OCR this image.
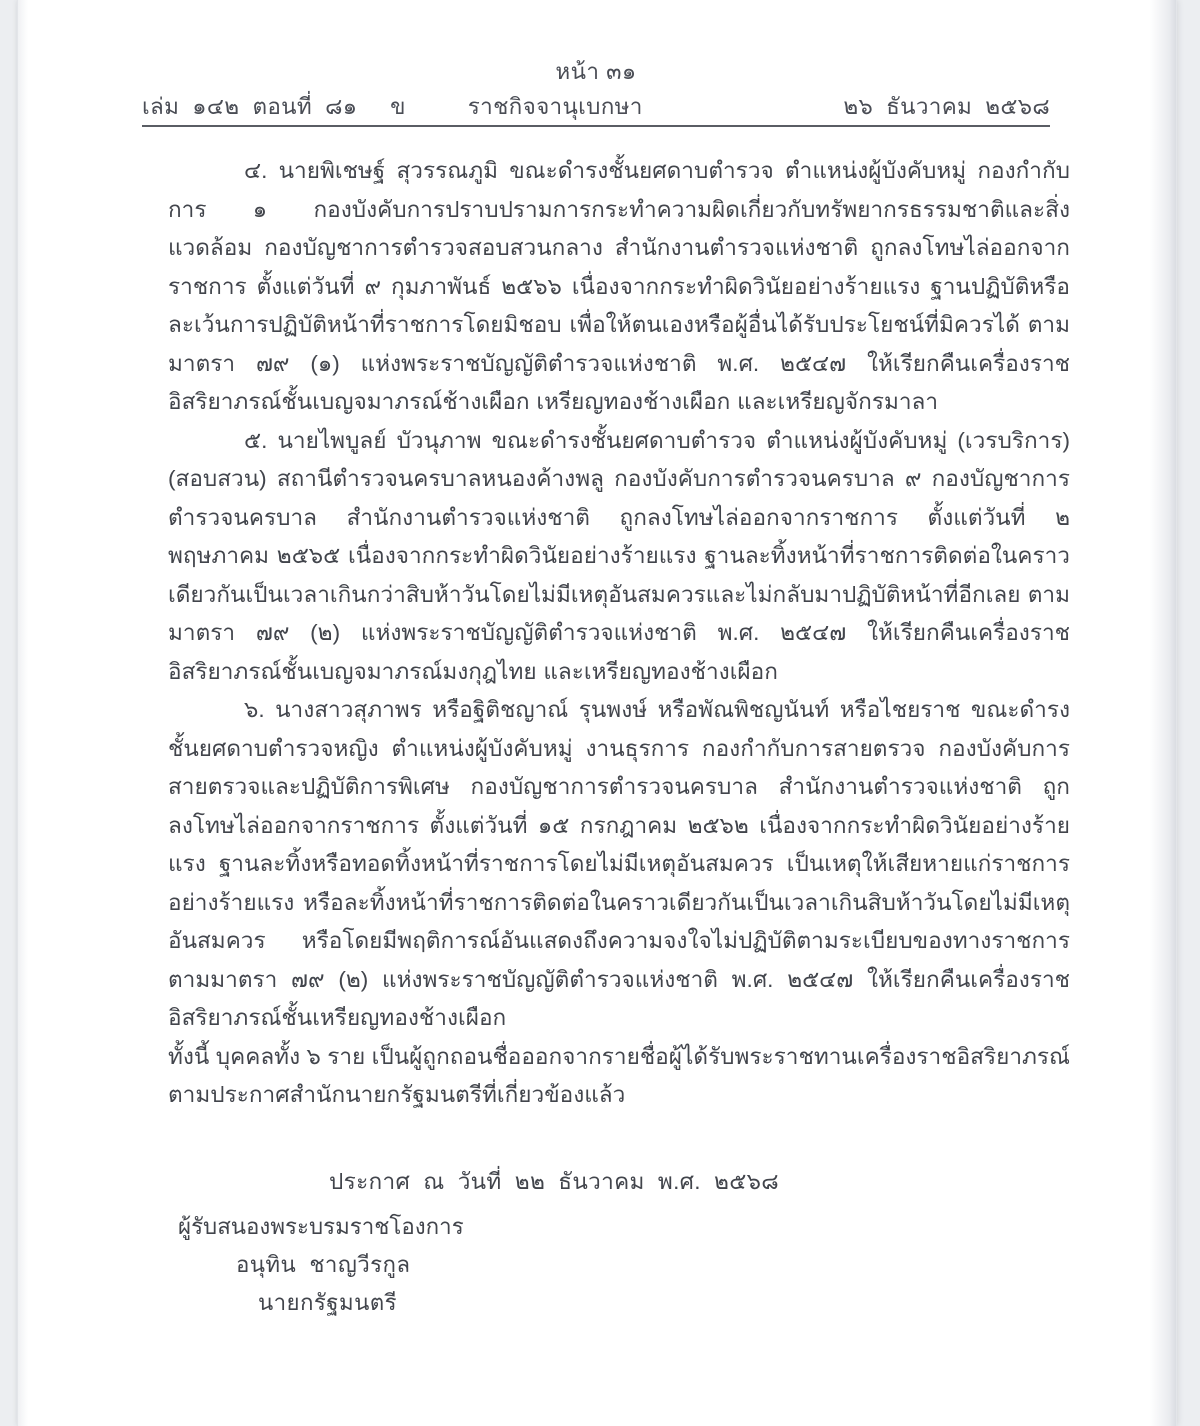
หน้า ๓๑
เล่ม  ๑๔๒  ตอนที่  ๘๑     ข	ราชกิจจานุเบกษา	๒๖  ธันวาคม  ๒๕๖๘

๔. นายพิเชษฐ์ สุวรรณภูมิ ขณะดำรงชั้นยศดาบตำรวจ ตำแหน่งผู้บังคับหมู่ กองกำกับการ ๑ กองบังคับการปราบปรามการกระทำความผิดเกี่ยวกับทรัพยากรธรรมชาติและสิ่งแวดล้อม กองบัญชาการตำรวจสอบสวนกลาง สำนักงานตำรวจแห่งชาติ ถูกลงโทษไล่ออกจากราชการ ตั้งแต่วันที่ ๙ กุมภาพันธ์ ๒๕๖๖ เนื่องจากกระทำผิดวินัยอย่างร้ายแรง ฐานปฏิบัติหรือละเว้นการปฏิบัติหน้าที่ราชการโดยมิชอบ เพื่อให้ตนเองหรือผู้อื่นได้รับประโยชน์ที่มิควรได้ ตามมาตรา ๗๙ (๑) แห่งพระราชบัญญัติตำรวจแห่งชาติ พ.ศ. ๒๕๔๗ ให้เรียกคืนเครื่องราชอิสริยาภรณ์ชั้นเบญจมาภรณ์ช้างเผือก เหรียญทองช้างเผือก และเหรียญจักรมาลา

๕. นายไพบูลย์ บัวนุภาพ ขณะดำรงชั้นยศดาบตำรวจ ตำแหน่งผู้บังคับหมู่ (เวรบริการ) (สอบสวน) สถานีตำรวจนครบาลหนองค้างพลู กองบังคับการตำรวจนครบาล ๙ กองบัญชาการตำรวจนครบาล สำนักงานตำรวจแห่งชาติ ถูกลงโทษไล่ออกจากราชการ ตั้งแต่วันที่ ๒ พฤษภาคม ๒๕๖๕ เนื่องจากกระทำผิดวินัยอย่างร้ายแรง ฐานละทิ้งหน้าที่ราชการติดต่อในคราวเดียวกันเป็นเวลาเกินกว่าสิบห้าวันโดยไม่มีเหตุอันสมควรและไม่กลับมาปฏิบัติหน้าที่อีกเลย ตามมาตรา ๗๙ (๒) แห่งพระราชบัญญัติตำรวจแห่งชาติ พ.ศ. ๒๕๔๗ ให้เรียกคืนเครื่องราชอิสริยาภรณ์ชั้นเบญจมาภรณ์มงกุฎไทย และเหรียญทองช้างเผือก

๖. นางสาวสุภาพร หรือฐิติชญาณ์ รุนพงษ์ หรือพัณพิชญนันท์ หรือไชยราช ขณะดำรงชั้นยศดาบตำรวจหญิง ตำแหน่งผู้บังคับหมู่ งานธุรการ กองกำกับการสายตรวจ กองบังคับการสายตรวจและปฏิบัติการพิเศษ กองบัญชาการตำรวจนครบาล สำนักงานตำรวจแห่งชาติ ถูกลงโทษไล่ออกจากราชการ ตั้งแต่วันที่ ๑๕ กรกฎาคม ๒๕๖๒ เนื่องจากกระทำผิดวินัยอย่างร้ายแรง ฐานละทิ้งหรือทอดทิ้งหน้าที่ราชการโดยไม่มีเหตุอันสมควร เป็นเหตุให้เสียหายแก่ราชการอย่างร้ายแรง หรือละทิ้งหน้าที่ราชการติดต่อในคราวเดียวกันเป็นเวลาเกินสิบห้าวันโดยไม่มีเหตุอันสมควร หรือโดยมีพฤติการณ์อันแสดงถึงความจงใจไม่ปฏิบัติตามระเบียบของทางราชการ ตามมาตรา ๗๙ (๒) แห่งพระราชบัญญัติตำรวจแห่งชาติ พ.ศ. ๒๕๔๗ ให้เรียกคืนเครื่องราชอิสริยาภรณ์ชั้นเหรียญทองช้างเผือก

ทั้งนี้ บุคคลทั้ง ๖ ราย เป็นผู้ถูกถอนชื่อออกจากรายชื่อผู้ได้รับพระราชทานเครื่องราชอิสริยาภรณ์ตามประกาศสำนักนายกรัฐมนตรีที่เกี่ยวข้องแล้ว

ประกาศ  ณ  วันที่  ๒๒  ธันวาคม  พ.ศ.  ๒๕๖๘
ผู้รับสนองพระบรมราชโองการ
อนุทิน  ชาญวีรกูล
นายกรัฐมนตรี
